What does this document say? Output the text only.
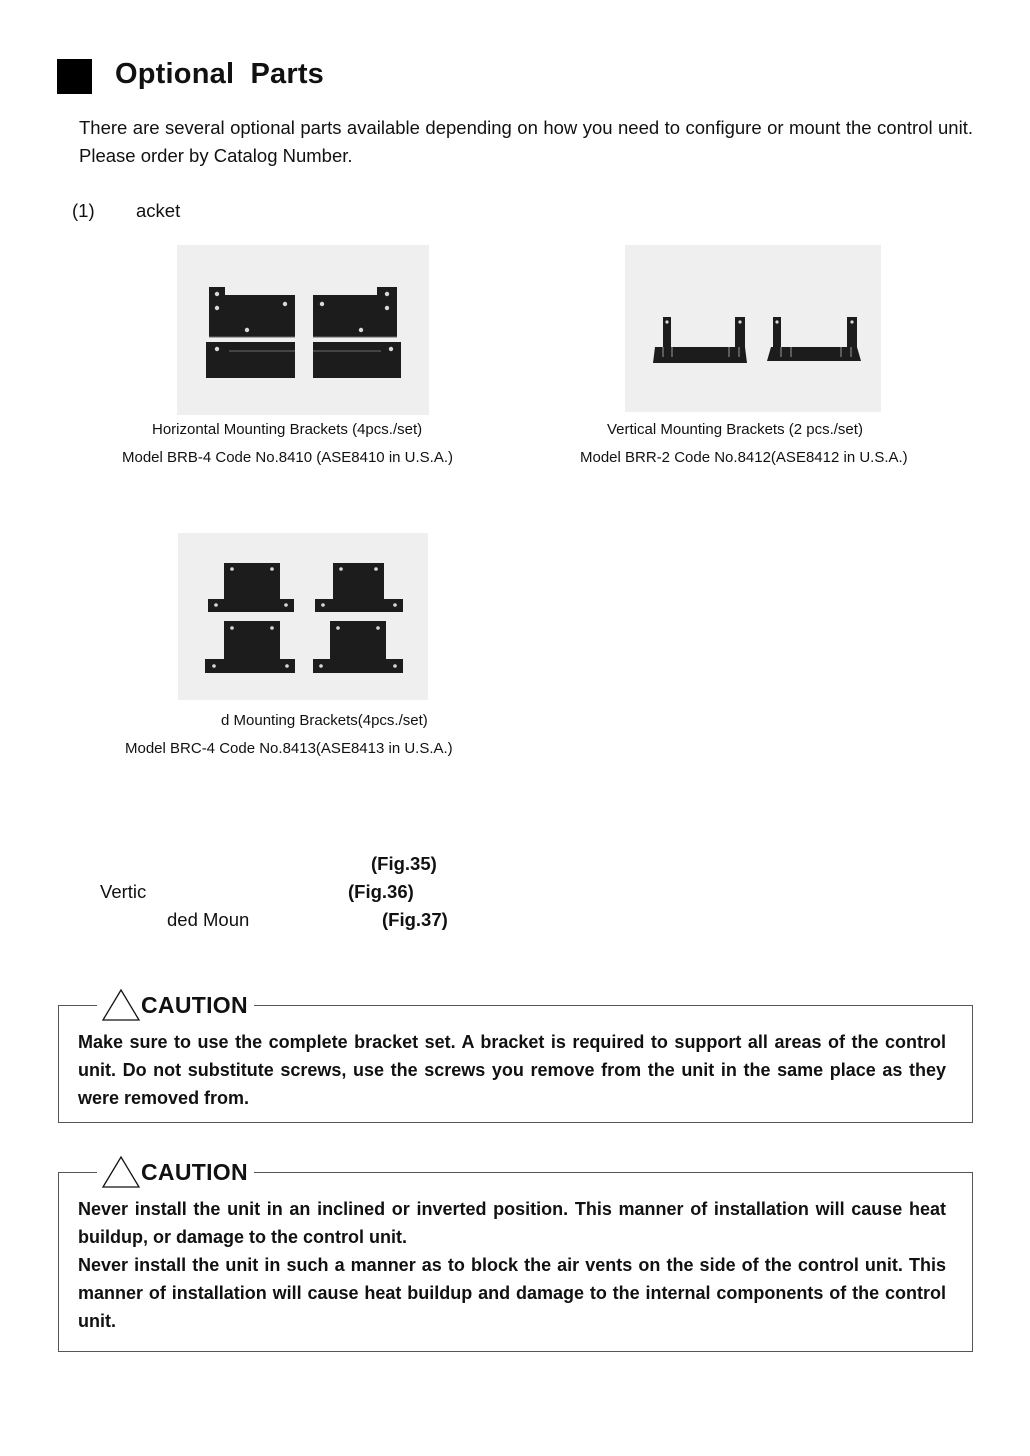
Optional Parts
There are several optional parts available depending on how you need to configure or mount the control unit. Please order by Catalog Number.
(1) acket
Horizontal Mounting Brackets (4pcs./set)
Model BRB-4 Code No.8410 (ASE8410 in U.S.A.)
Vertical Mounting Brackets (2 pcs./set)
Model BRR-2 Code No.8412(ASE8412 in U.S.A.)
d Mounting Brackets(4pcs./set)
Model BRC-4 Code No.8413(ASE8413 in U.S.A.)
(Fig.35)
Vertic	(Fig.36)
ded Moun	(Fig.37)
CAUTION

Make sure to use the complete bracket set. A bracket is required to support all areas of the control unit. Do not substitute screws, use the screws you remove from the unit in the same place as they were removed from.

CAUTION

Never install the unit in an inclined or inverted position. This manner of installation will cause heat buildup, or damage to the control unit.

Never install the unit in such a manner as to block the air vents on the side of the control unit. This manner of installation will cause heat buildup and damage to the internal components of the control unit.
